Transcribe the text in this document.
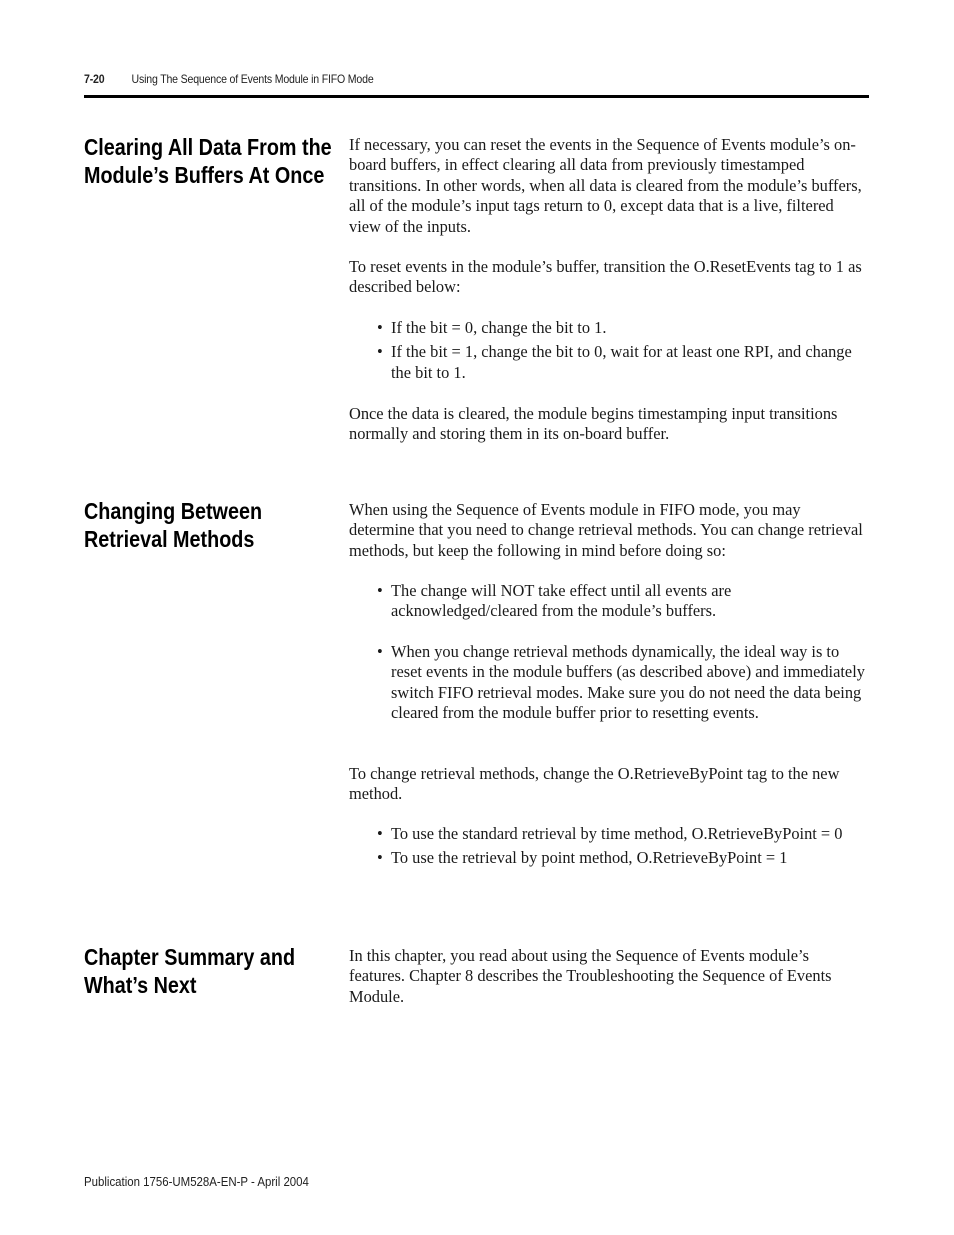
7-20 Using The Sequence of Events Module in FIFO Mode
Clearing All Data From the
Module’s Buffers At Once

If necessary, you can reset the events in the Sequence of Events module’s on-board buffers, in effect clearing all data from previously timestamped transitions. In other words, when all data is cleared from the module’s buffers, all of the module’s input tags return to 0, except data that is a live, filtered view of the inputs.

To reset events in the module’s buffer, transition the O.ResetEvents tag to 1 as described below:

• If the bit = 0, change the bit to 1.
• If the bit = 1, change the bit to 0, wait for at least one RPI, and change the bit to 1.

Once the data is cleared, the module begins timestamping input transitions normally and storing them in its on-board buffer.

Changing Between
Retrieval Methods

When using the Sequence of Events module in FIFO mode, you may determine that you need to change retrieval methods. You can change retrieval methods, but keep the following in mind before doing so:

• The change will NOT take effect until all events are acknowledged/cleared from the module’s buffers.
• When you change retrieval methods dynamically, the ideal way is to reset events in the module buffers (as described above) and immediately switch FIFO retrieval modes. Make sure you do not need the data being cleared from the module buffer prior to resetting events.

To change retrieval methods, change the O.RetrieveByPoint tag to the new method.

• To use the standard retrieval by time method, O.RetrieveByPoint = 0
• To use the retrieval by point method, O.RetrieveByPoint = 1
Chapter Summary and
What’s Next

In this chapter, you read about using the Sequence of Events module’s features. Chapter 8 describes the Troubleshooting the Sequence of Events Module.

Publication 1756-UM528A-EN-P - April 2004
